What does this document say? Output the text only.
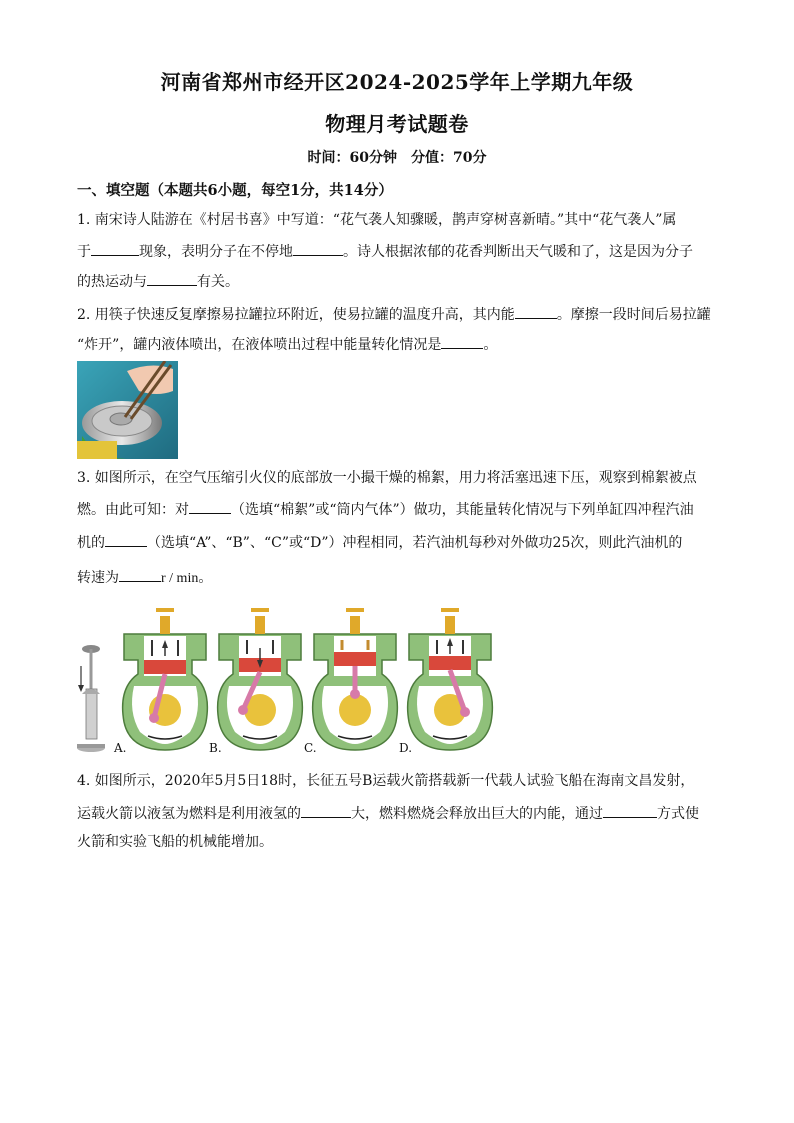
河南省郑州市经开区2024-2025学年上学期九年级
物理月考试题卷
时间：60分钟　分值：70分
一、填空题（本题共6小题，每空1分，共14分）
1. 南宋诗人陆游在《村居书喜》中写道：“花气袭人知骤暖，鹊声穿树喜新晴。”其中“花气袭人”属
于	现象，表明分子在不停地	。诗人根据浓郁的花香判断出天气暖和了，这是因为分子
的热运动与	有关。
2. 用筷子快速反复摩擦易拉罐拉环附近，使易拉罐的温度升高，其内能	。摩擦一段时间后易拉罐
“炸开”，罐内液体喷出，在液体喷出过程中能量转化情况是	。
3. 如图所示，在空气压缩引火仪的底部放一小撮干燥的棉絮，用力将活塞迅速下压，观察到棉絮被点
燃。由此可知：对	（选填“棉絮”或“筒内气体”）做功，其能量转化情况与下列单缸四冲程汽油
机的	（选填“A”、“B”、“C”或“D”）冲程相同，若汽油机每秒对外做功25次，则此汽油机的
转速为	r / min。
A.	B.	C.	D.
4. 如图所示，2020年5月5日18时，长征五号B运载火箭搭载新一代载人试验飞船在海南文昌发射，
运载火箭以液氢为燃料是利用液氢的	大，燃料燃烧会释放出巨大的内能，通过	方式使
火箭和实验飞船的机械能增加。
